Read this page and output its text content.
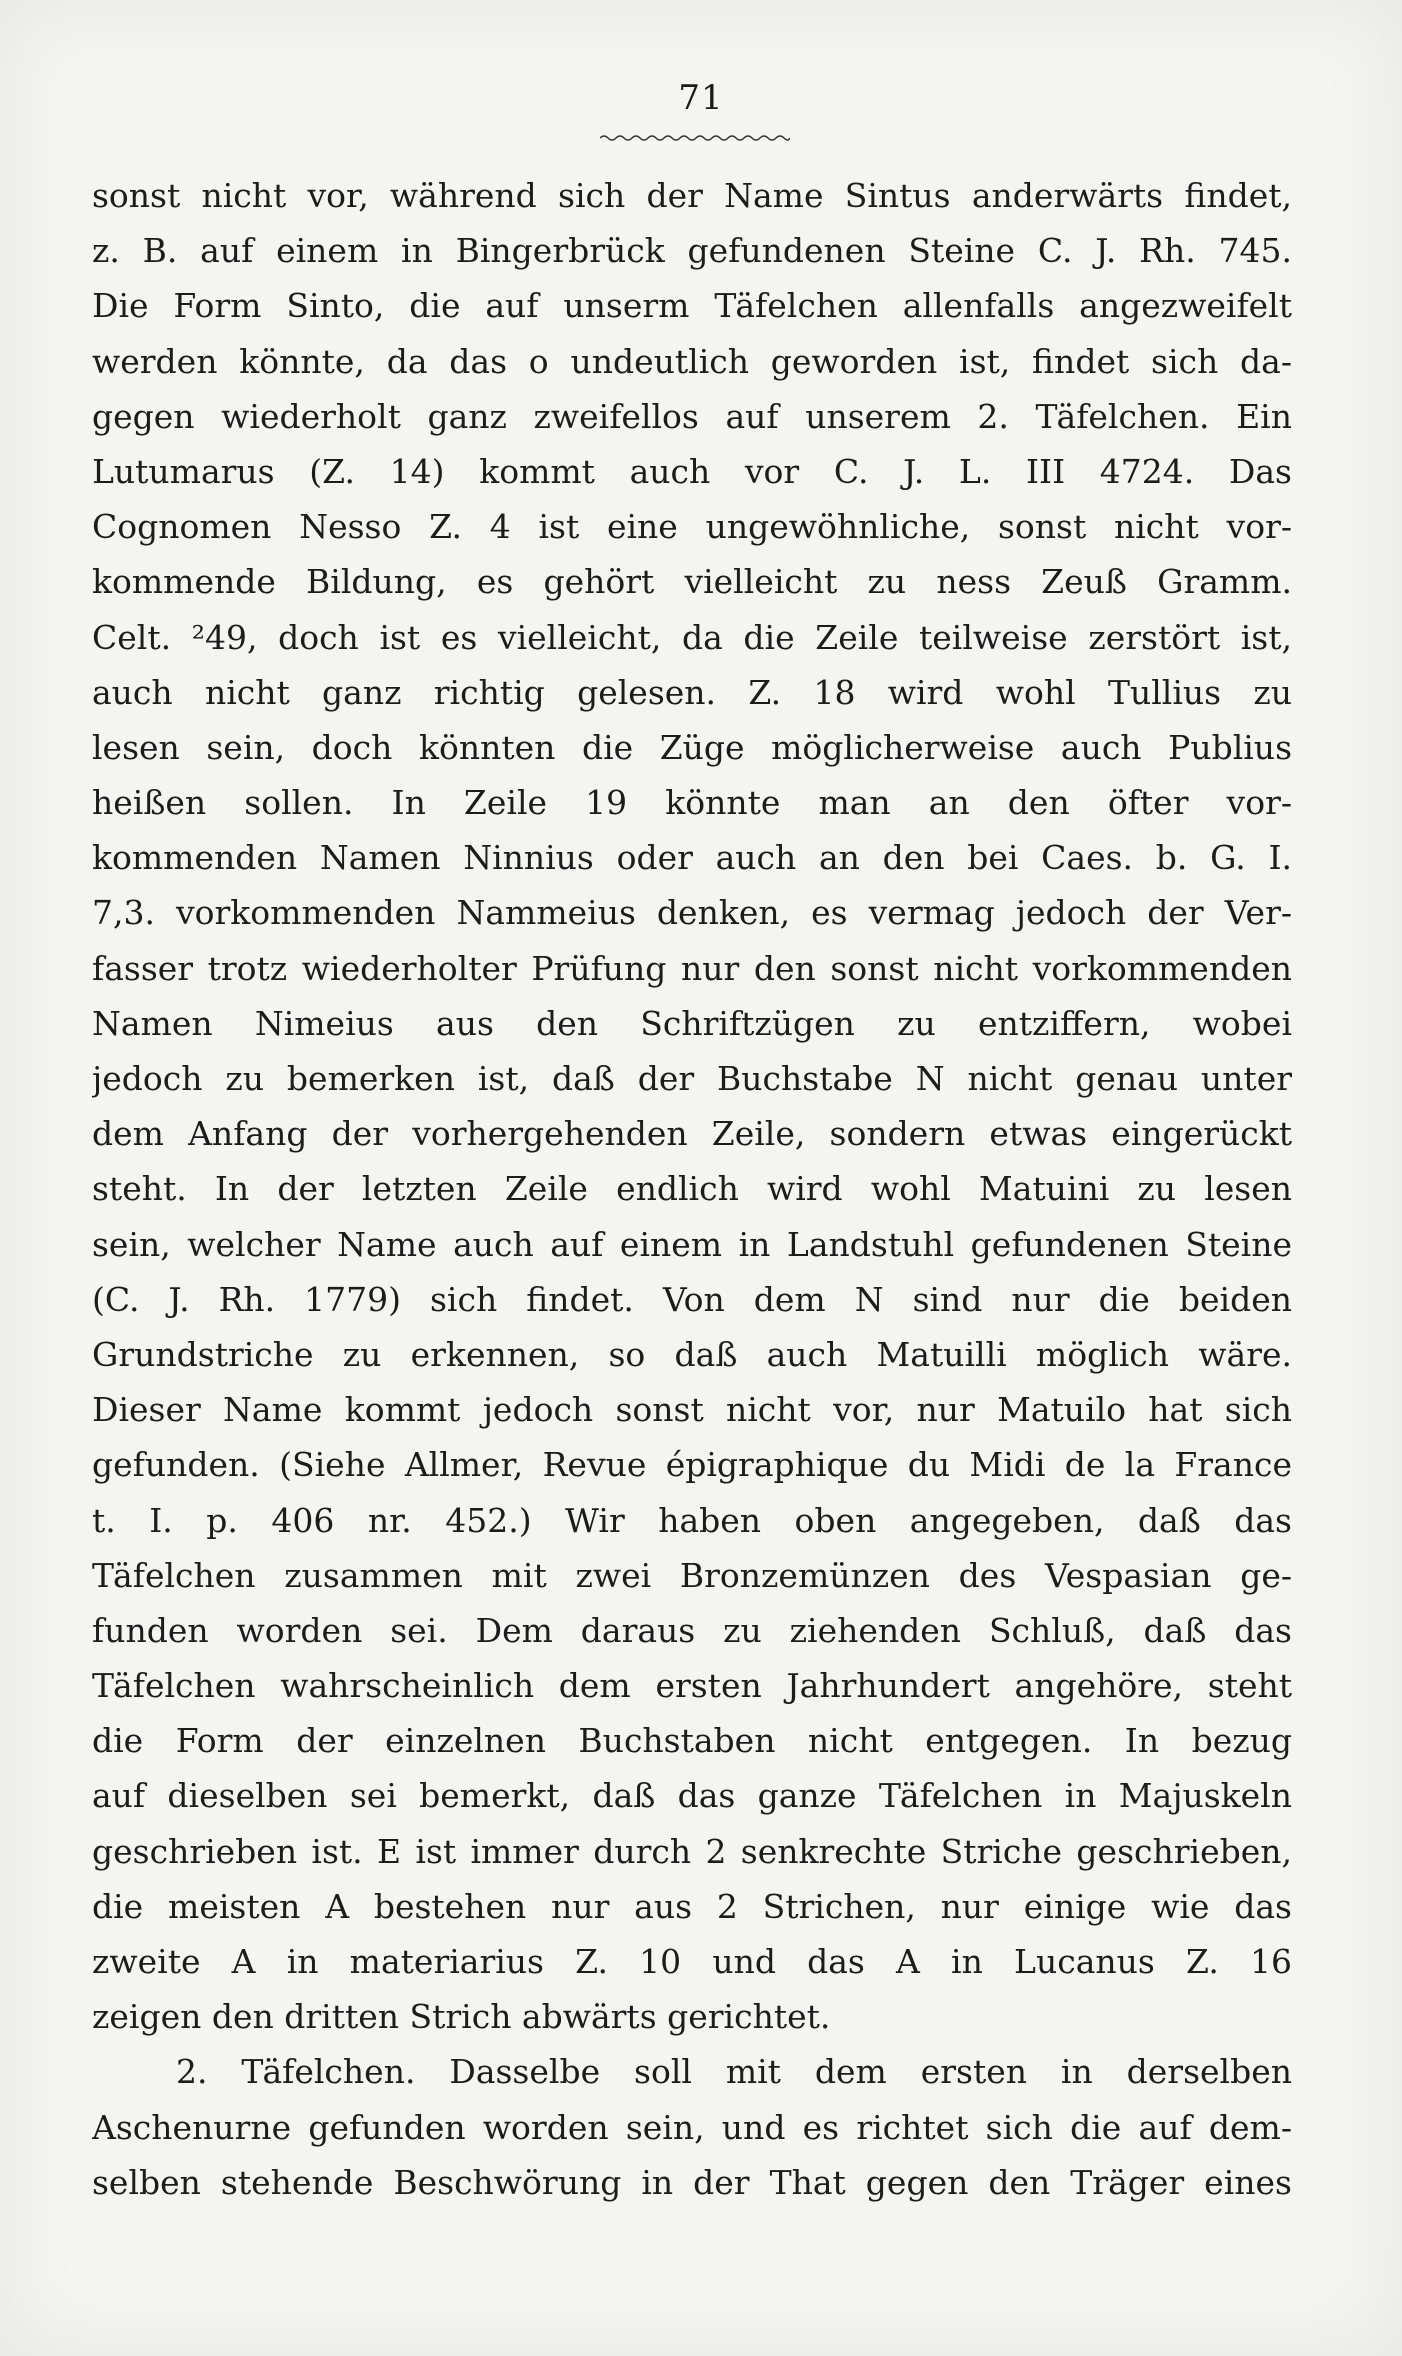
71
sonst nicht vor, während sich der Name Sintus anderwärts findet,
z. B. auf einem in Bingerbrück gefundenen Steine C. J. Rh. 745.
Die Form Sinto, die auf unserm Täfelchen allenfalls angezweifelt
werden könnte, da das o undeutlich geworden ist, findet sich da-
gegen wiederholt ganz zweifellos auf unserem 2. Täfelchen. Ein
Lutumarus (Z. 14) kommt auch vor C. J. L. III 4724. Das
Cognomen Nesso Z. 4 ist eine ungewöhnliche, sonst nicht vor-
kommende Bildung, es gehört vielleicht zu ness Zeuß Gramm.
Celt. ²49, doch ist es vielleicht, da die Zeile teilweise zerstört ist,
auch nicht ganz richtig gelesen. Z. 18 wird wohl Tullius zu
lesen sein, doch könnten die Züge möglicherweise auch Publius
heißen sollen. In Zeile 19 könnte man an den öfter vor-
kommenden Namen Ninnius oder auch an den bei Caes. b. G. I.
7,3. vorkommenden Nammeius denken, es vermag jedoch der Ver-
fasser trotz wiederholter Prüfung nur den sonst nicht vorkommenden
Namen Nimeius aus den Schriftzügen zu entziffern, wobei
jedoch zu bemerken ist, daß der Buchstabe N nicht genau unter
dem Anfang der vorhergehenden Zeile, sondern etwas eingerückt
steht. In der letzten Zeile endlich wird wohl Matuini zu lesen
sein, welcher Name auch auf einem in Landstuhl gefundenen Steine
(C. J. Rh. 1779) sich findet. Von dem N sind nur die beiden
Grundstriche zu erkennen, so daß auch Matuilli möglich wäre.
Dieser Name kommt jedoch sonst nicht vor, nur Matuilo hat sich
gefunden. (Siehe Allmer, Revue épigraphique du Midi de la France
t. I. p. 406 nr. 452.) Wir haben oben angegeben, daß das
Täfelchen zusammen mit zwei Bronzemünzen des Vespasian ge-
funden worden sei. Dem daraus zu ziehenden Schluß, daß das
Täfelchen wahrscheinlich dem ersten Jahrhundert angehöre, steht
die Form der einzelnen Buchstaben nicht entgegen. In bezug
auf dieselben sei bemerkt, daß das ganze Täfelchen in Majuskeln
geschrieben ist. E ist immer durch 2 senkrechte Striche geschrieben,
die meisten A bestehen nur aus 2 Strichen, nur einige wie das
zweite A in materiarius Z. 10 und das A in Lucanus Z. 16
zeigen den dritten Strich abwärts gerichtet.
2. Täfelchen. Dasselbe soll mit dem ersten in derselben
Aschenurne gefunden worden sein, und es richtet sich die auf dem-
selben stehende Beschwörung in der That gegen den Träger eines
